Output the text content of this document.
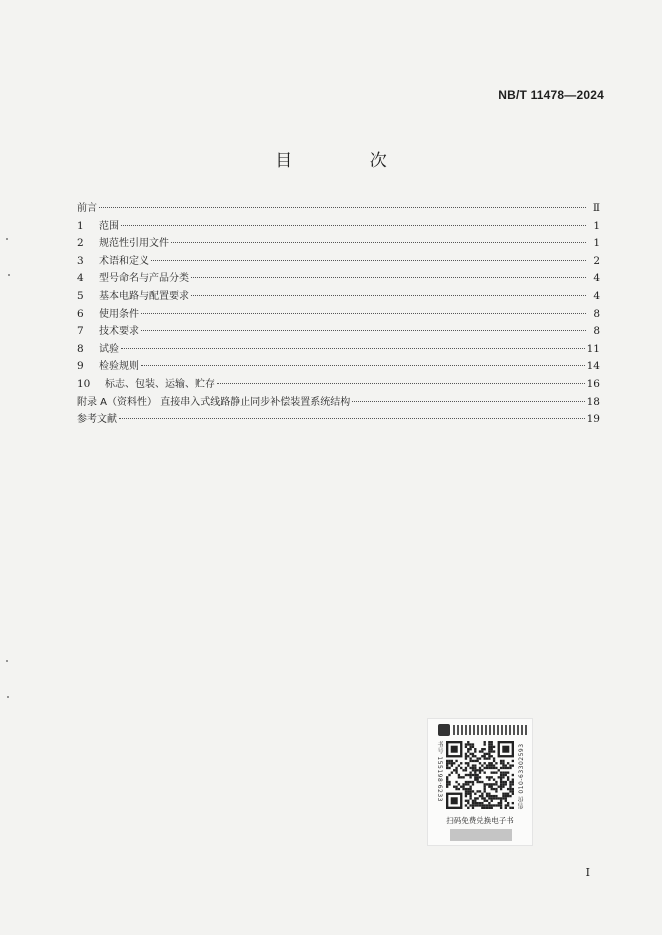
NB/T 11478—2024
目 次
前言	Ⅱ
1	范围	1
2	规范性引用文件	1
3	术语和定义	2
4	型号命名与产品分类	4
5	基本电路与配置要求	4
6	使用条件	8
7	技术要求	8
8	试验	11
9	检验规则	14
10	标志、包装、运输、贮存	16
附录 A（资料性） 直接串入式线路静止同步补偿装置系统结构	18
参考文献	19
书号 155198·6233	售价 010-63302593
扫码免费兑换电子书
I
